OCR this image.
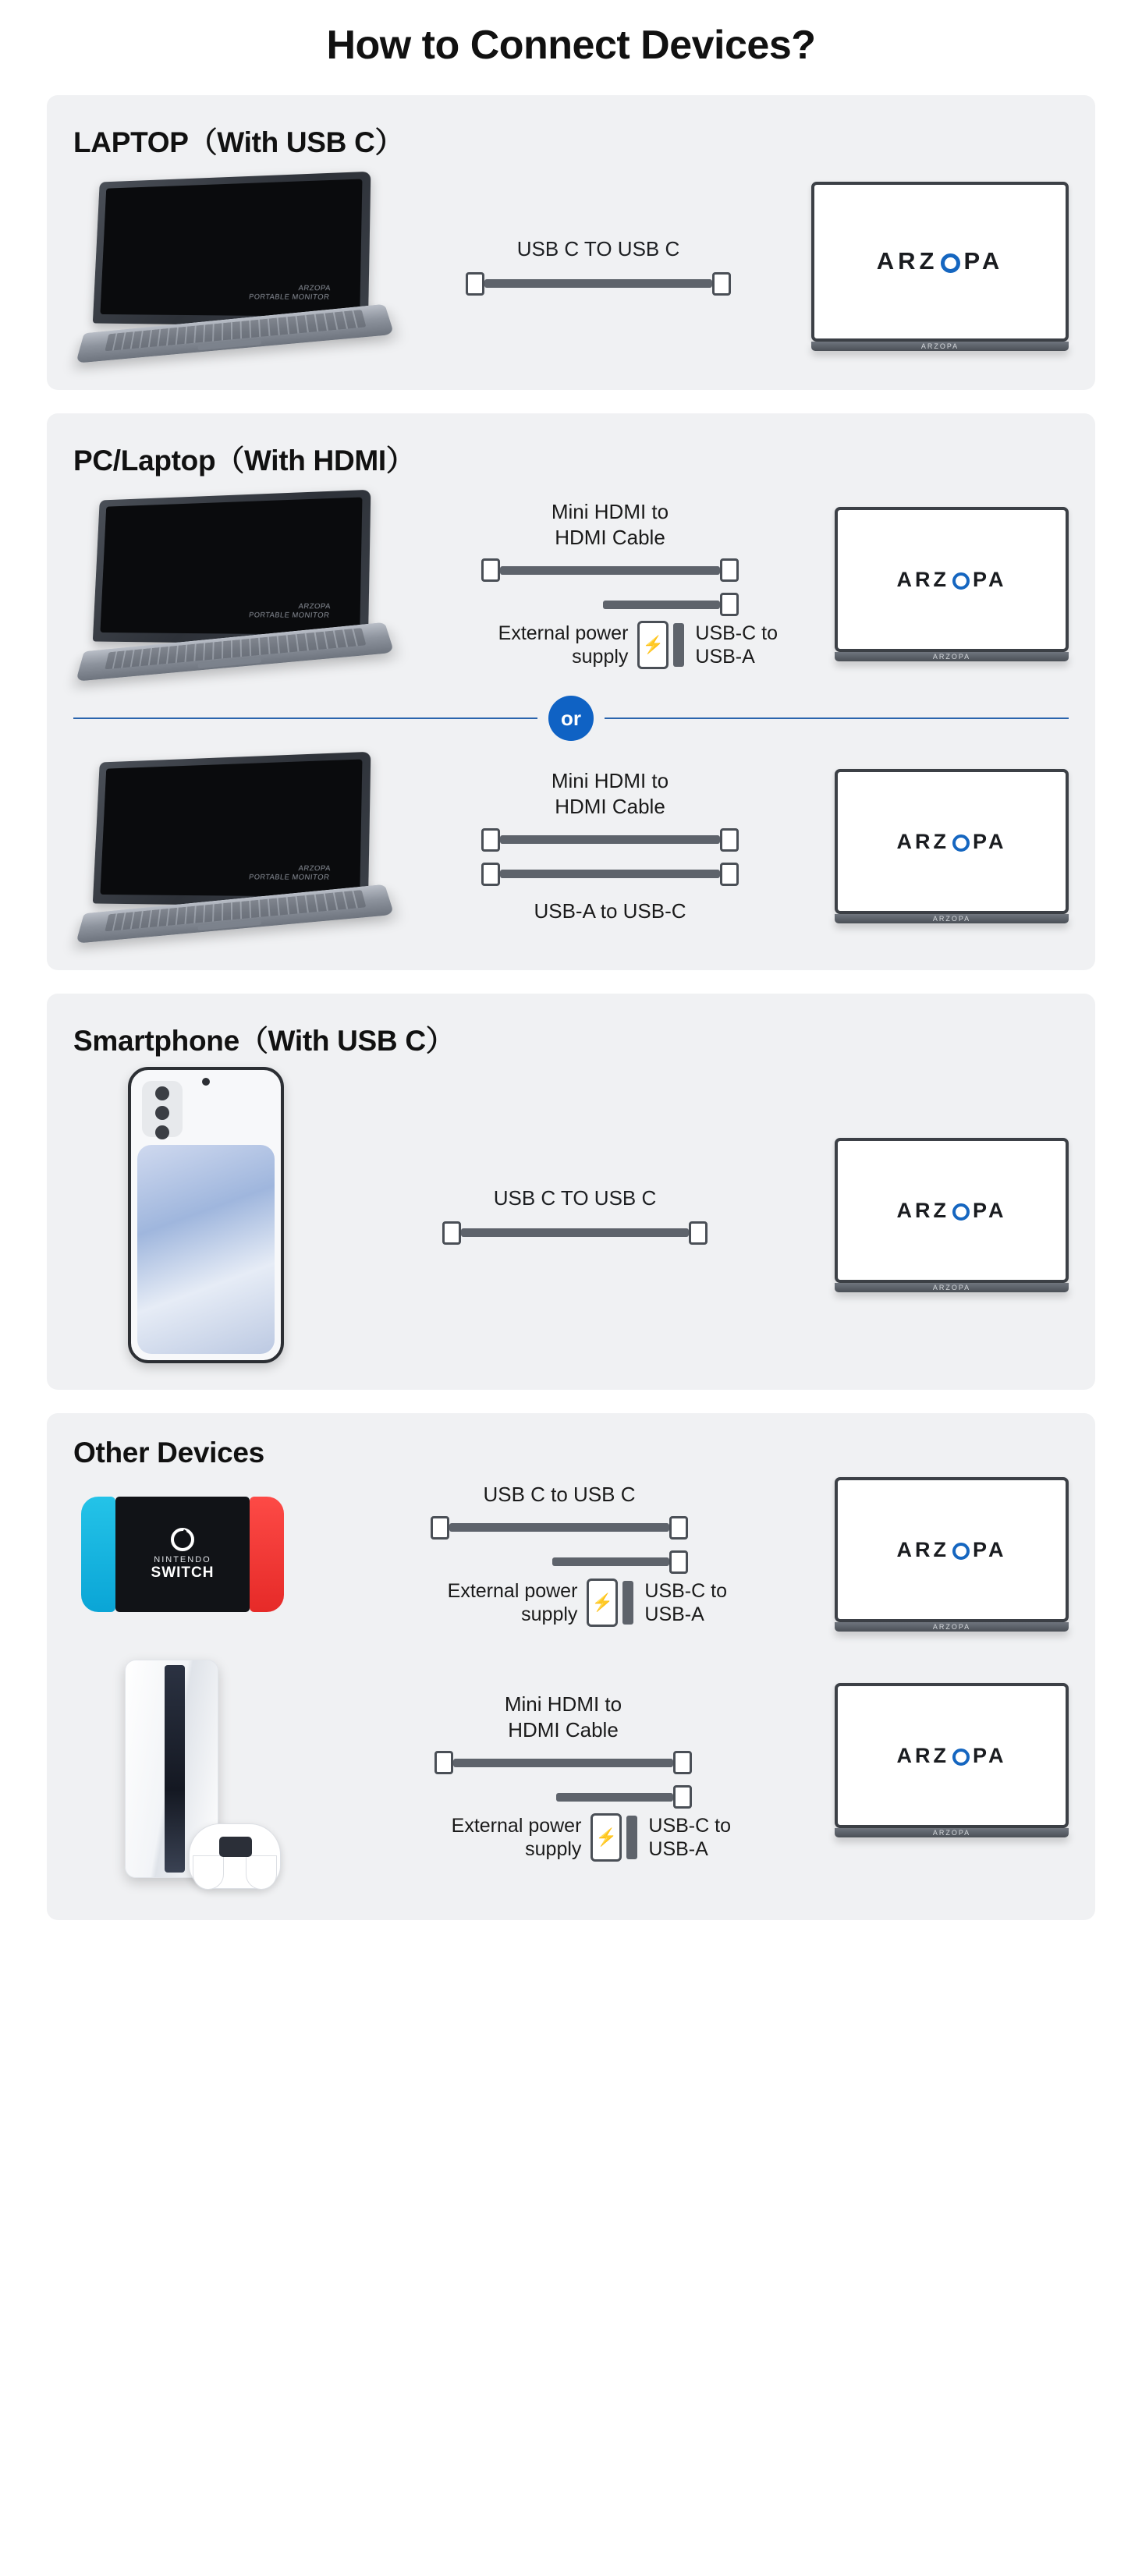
How to Connect Devices?
LAPTOP（With USB C）
ARZOPA
PORTABLE MONITOR
USB C TO USB C	ARZ PA
ARZOPA
PC/Laptop（With HDMI）
ARZOPA
PORTABLE MONITOR
Mini HDMI to
HDMI Cable
External power
supply
⚡
USB-C to
USB-A
ARZ PA
ARZOPA
or
ARZOPA
PORTABLE MONITOR
Mini HDMI to
HDMI Cable
USB-A to USB-C
ARZ PA
ARZOPA
Smartphone（With USB C）
USB C TO USB C
ARZ PA
ARZOPA
Other Devices
NINTENDO
SWITCH
USB C to USB C
External power
supply
⚡
USB-C to
USB-A
ARZ PA
ARZOPA
Mini HDMI to
HDMI Cable
External power
supply
⚡
USB-C to
USB-A
ARZ PA
ARZOPA
